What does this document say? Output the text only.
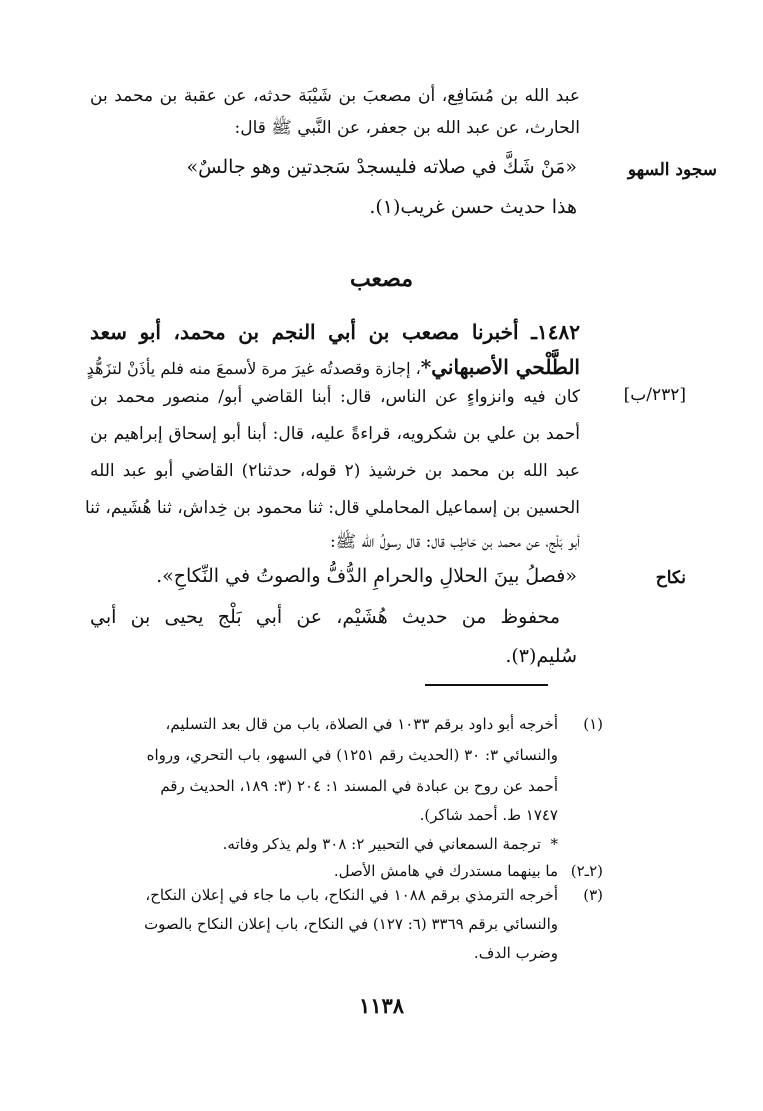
عبد الله بن مُسَافِع، أن مصعبَ بن شَيْبَة حدثه، عن عقبة بن محمد بن
الحارث، عن عبد الله بن جعفر، عن النَّبي ﷺ قال:
«مَنْ شَكَّ في صلاته فليسجدْ سَجدتين وهو جالسٌ»
هذا حديث حسن غريب(١).
سجود السهو
[٢٣٢/ب]
نكاح
مصعب
١٤٨٢ـ أخبرنا مصعب بن أبي النجم بن محمد، أبو سعد
الطَّلْحي الأصبهاني*، إجازة وقصدتُه غيرَ مرة لأسمعَ منه فلم يأذَنْ لتزَهُّدٍ
كان فيه وانزواءٍ عن الناس، قال: أبنا القاضي أبو/ منصور محمد بن
أحمد بن علي بن شكرويه، قراءةً عليه، قال: أبنا أبو إسحاق إبراهيم بن
عبد الله بن محمد بن خرشيذ (٢ قوله، حدثنا٢) القاضي أبو عبد الله
الحسين بن إسماعيل المحاملي قال: ثنا محمود بن خِداش، ثنا هُشَيم، ثنا
أبو بَلْج، عن محمد بن حَاطِب قال: قال رسولُ الله ﷺ:
«فصلُ بينَ الحلالِ والحرامِ الدُّفُّ والصوتُ في النِّكاحِ».
محفوظ من حديث هُشَيْم، عن أبي بَلْج يحيى بن أبي
سُليم(٣).
(١)
أخرجه أبو داود برقم ١٠٣٣ في الصلاة، باب من قال بعد التسليم،
والنسائي ٣: ٣٠ (الحديث رقم ١٢٥١) في السهو، باب التحري، ورواه
أحمد عن روح بن عبادة في المسند ١: ٢٠٤ (٣: ١٨٩، الحديث رقم
١٧٤٧ ط. أحمد شاكر).
*
ترجمة السمعاني في التحبير ٢: ٣٠٨ ولم يذكر وفاته.
(٢ـ٢)
ما بينهما مستدرك في هامش الأصل.
(٣)
أخرجه الترمذي برقم ١٠٨٨ في النكاح، باب ما جاء في إعلان النكاح،
والنسائي برقم ٣٣٦٩ (٦: ١٢٧) في النكاح، باب إعلان النكاح بالصوت
وضرب الدف.
١١٣٨
